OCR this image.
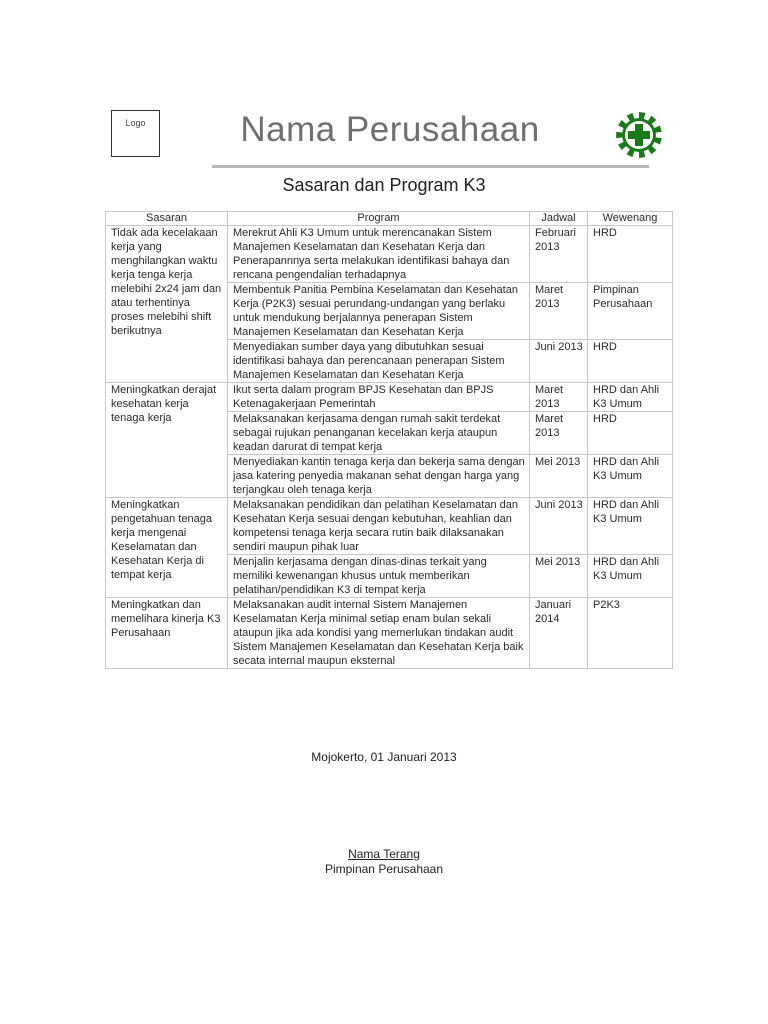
Logo	Nama Perusahaan
Sasaran dan Program K3
Sasaran	Program	Jadwal	Wewenang
Tidak ada kecelakaan kerja yang menghilangkan waktu kerja tenga kerja melebihi 2x24 jam dan atau terhentinya proses melebihi shift berikutnya	Merekrut Ahli K3 Umum untuk merencanakan Sistem Manajemen Keselamatan dan Kesehatan Kerja dan Penerapannnya serta melakukan identifikasi bahaya dan rencana pengendalian terhadapnya	Februari 2013	HRD
	Membentuk Panitia Pembina Keselamatan dan Kesehatan Kerja (P2K3) sesuai perundang-undangan yang berlaku untuk mendukung berjalannya penerapan Sistem Manajemen Keselamatan dan Kesehatan Kerja	Maret 2013	Pimpinan Perusahaan
	Menyediakan sumber daya yang dibutuhkan sesuai identifikasi bahaya dan perencanaan penerapan Sistem Manajemen Keselamatan dan Kesehatan Kerja	Juni 2013	HRD
Meningkatkan derajat kesehatan kerja tenaga kerja	Ikut serta dalam program BPJS Kesehatan dan BPJS Ketenagakerjaan Pemerintah	Maret 2013	HRD dan Ahli K3 Umum
	Melaksanakan kerjasama dengan rumah sakit terdekat sebagai rujukan penanganan kecelakan kerja ataupun keadan darurat di tempat kerja	Maret 2013	HRD
	Menyediakan kantin tenaga kerja dan bekerja sama dengan jasa katering penyedia makanan sehat dengan harga yang terjangkau oleh tenaga kerja	Mei 2013	HRD dan Ahli K3 Umum
Meningkatkan pengetahuan tenaga kerja mengenai Keselamatan dan Kesehatan Kerja di tempat kerja	Melaksanakan pendidikan dan pelatihan Keselamatan dan Kesehatan Kerja sesuai dengan kebutuhan, keahlian dan kompetensi tenaga kerja secara rutin baik dilaksanakan sendiri maupun pihak luar	Juni 2013	HRD dan Ahli K3 Umum
	Menjalin kerjasama dengan dinas-dinas terkait yang memiliki kewenangan khusus untuk memberikan pelatihan/pendidikan K3 di tempat kerja	Mei 2013	HRD dan Ahli K3 Umum
Meningkatkan dan memelihara kinerja K3 Perusahaan	Melaksanakan audit internal Sistem Manajemen Keselamatan Kerja minimal setiap enam bulan sekali ataupun jika ada kondisi yang memerlukan tindakan audit Sistem Manajemen Keselamatan dan Kesehatan Kerja baik secata internal maupun eksternal	Januari 2014	P2K3
Mojokerto, 01 Januari 2013
Nama Terang
Pimpinan Perusahaan
